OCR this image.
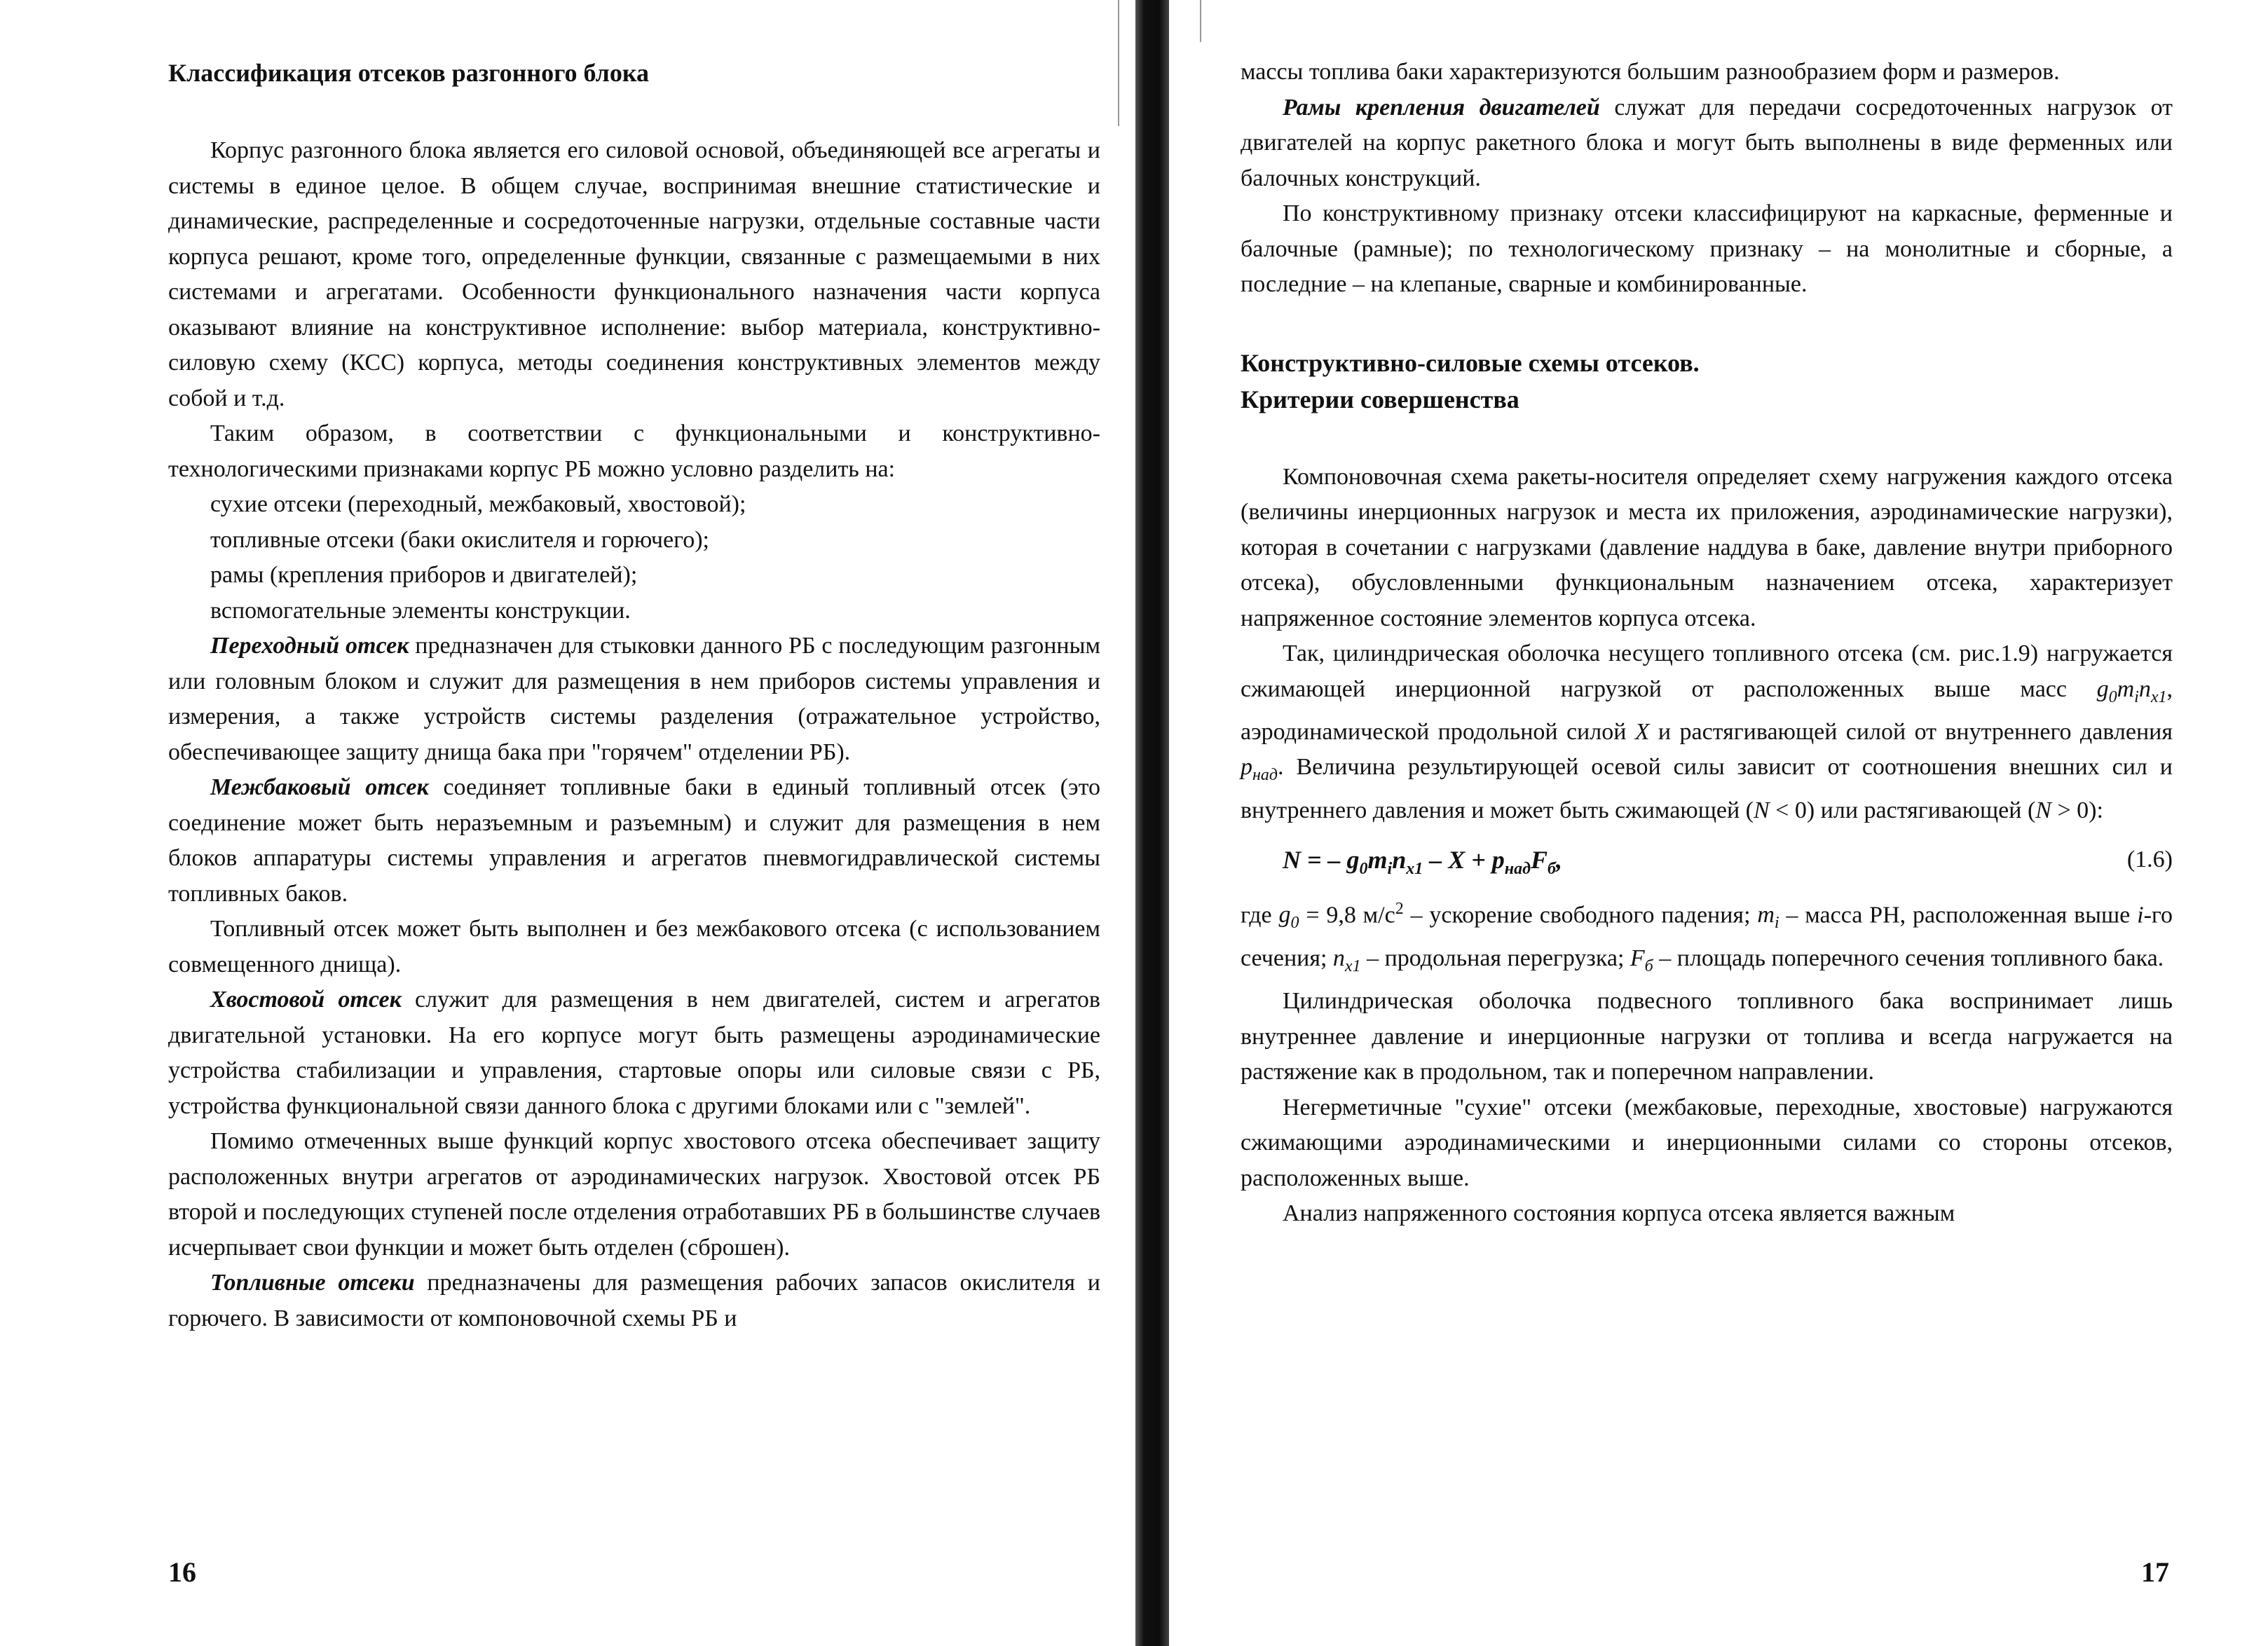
Классификация отсеков разгонного блока

Корпус разгонного блока является его силовой основой, объединяющей все агрегаты и системы в единое целое. В общем случае, воспринимая внешние статистические и динамические, распределенные и сосредоточенные нагрузки, отдельные составные части корпуса решают, кроме того, определенные функции, связанные с размещаемыми в них системами и агрегатами. Особенности функционального назначения части корпуса оказывают влияние на конструктивное исполнение: выбор материала, конструктивно-силовую схему (КСС) корпуса, методы соединения конструктивных элементов между собой и т.д.

Таким образом, в соответствии с функциональными и конструктивно-технологическими признаками корпус РБ можно условно разделить на:

сухие отсеки (переходный, межбаковый, хвостовой);

топливные отсеки (баки окислителя и горючего);

рамы (крепления приборов и двигателей);

вспомогательные элементы конструкции.

Переходный отсек предназначен для стыковки данного РБ с последующим разгонным или головным блоком и служит для размещения в нем приборов системы управления и измерения, а также устройств системы разделения (отражательное устройство, обеспечивающее защиту днища бака при "горячем" отделении РБ).

Межбаковый отсек соединяет топливные баки в единый топливный отсек (это соединение может быть неразъемным и разъемным) и служит для размещения в нем блоков аппаратуры системы управления и агрегатов пневмогидравлической системы топливных баков.

Топливный отсек может быть выполнен и без межбакового отсека (с использованием совмещенного днища).

Хвостовой отсек служит для размещения в нем двигателей, систем и агрегатов двигательной установки. На его корпусе могут быть размещены аэродинамические устройства стабилизации и управления, стартовые опоры или силовые связи с РБ, устройства функциональной связи данного блока с другими блоками или с "землей".

Помимо отмеченных выше функций корпус хвостового отсека обеспечивает защиту расположенных внутри агрегатов от аэродинамических нагрузок. Хвостовой отсек РБ второй и последующих ступеней после отделения отработавших РБ в большинстве случаев исчерпывает свои функции и может быть отделен (сброшен).

Топливные отсеки предназначены для размещения рабочих запасов окислителя и горючего. В зависимости от компоновочной схемы РБ и

16

массы топлива баки характеризуются большим разнообразием форм и размеров.

Рамы крепления двигателей служат для передачи сосредоточенных нагрузок от двигателей на корпус ракетного блока и могут быть выполнены в виде ферменных или балочных конструкций.

По конструктивному признаку отсеки классифицируют на каркасные, ферменные и балочные (рамные); по технологическому признаку – на монолитные и сборные, а последние – на клепаные, сварные и комбинированные.

Конструктивно-силовые схемы отсеков.

Критерии совершенства

Компоновочная схема ракеты-носителя определяет схему нагружения каждого отсека (величины инерционных нагрузок и места их приложения, аэродинамические нагрузки), которая в сочетании с нагрузками (давление наддува в баке, давление внутри приборного отсека), обусловленными функциональным назначением отсека, характеризует напряженное состояние элементов корпуса отсека.

Так, цилиндрическая оболочка несущего топливного отсека (см. рис.1.9) нагружается сжимающей инерционной нагрузкой от расположенных выше масс $g_0m_in_{x1}$, аэродинамической продольной силой X и растягивающей силой от внутреннего давления $p_{над}$. Величина результирующей осевой силы зависит от соотношения внешних сил и внутреннего давления и может быть сжимающей (N < 0) или растягивающей (N > 0):

N = – $g_0m_in_{x1} - X + p_{над}F_б$,	(1.6)

где $g_0 = 9,8$ $м/с^2$ – ускорение свободного падения; $m_i$ – масса РН, расположенная выше i-го сечения; $n_{x1}$ – продольная перегрузка; $F_б$ – площадь поперечного сечения топливного бака.

Цилиндрическая оболочка подвесного топливного бака воспринимает лишь внутреннее давление и инерционные нагрузки от топлива и всегда нагружается на растяжение как в продольном, так и поперечном направлении.

Негерметичные "сухие" отсеки (межбаковые, переходные, хвостовые) нагружаются сжимающими аэродинамическими и инерционными силами со стороны отсеков, расположенных выше.

Анализ напряженного состояния корпуса отсека является важным

17
